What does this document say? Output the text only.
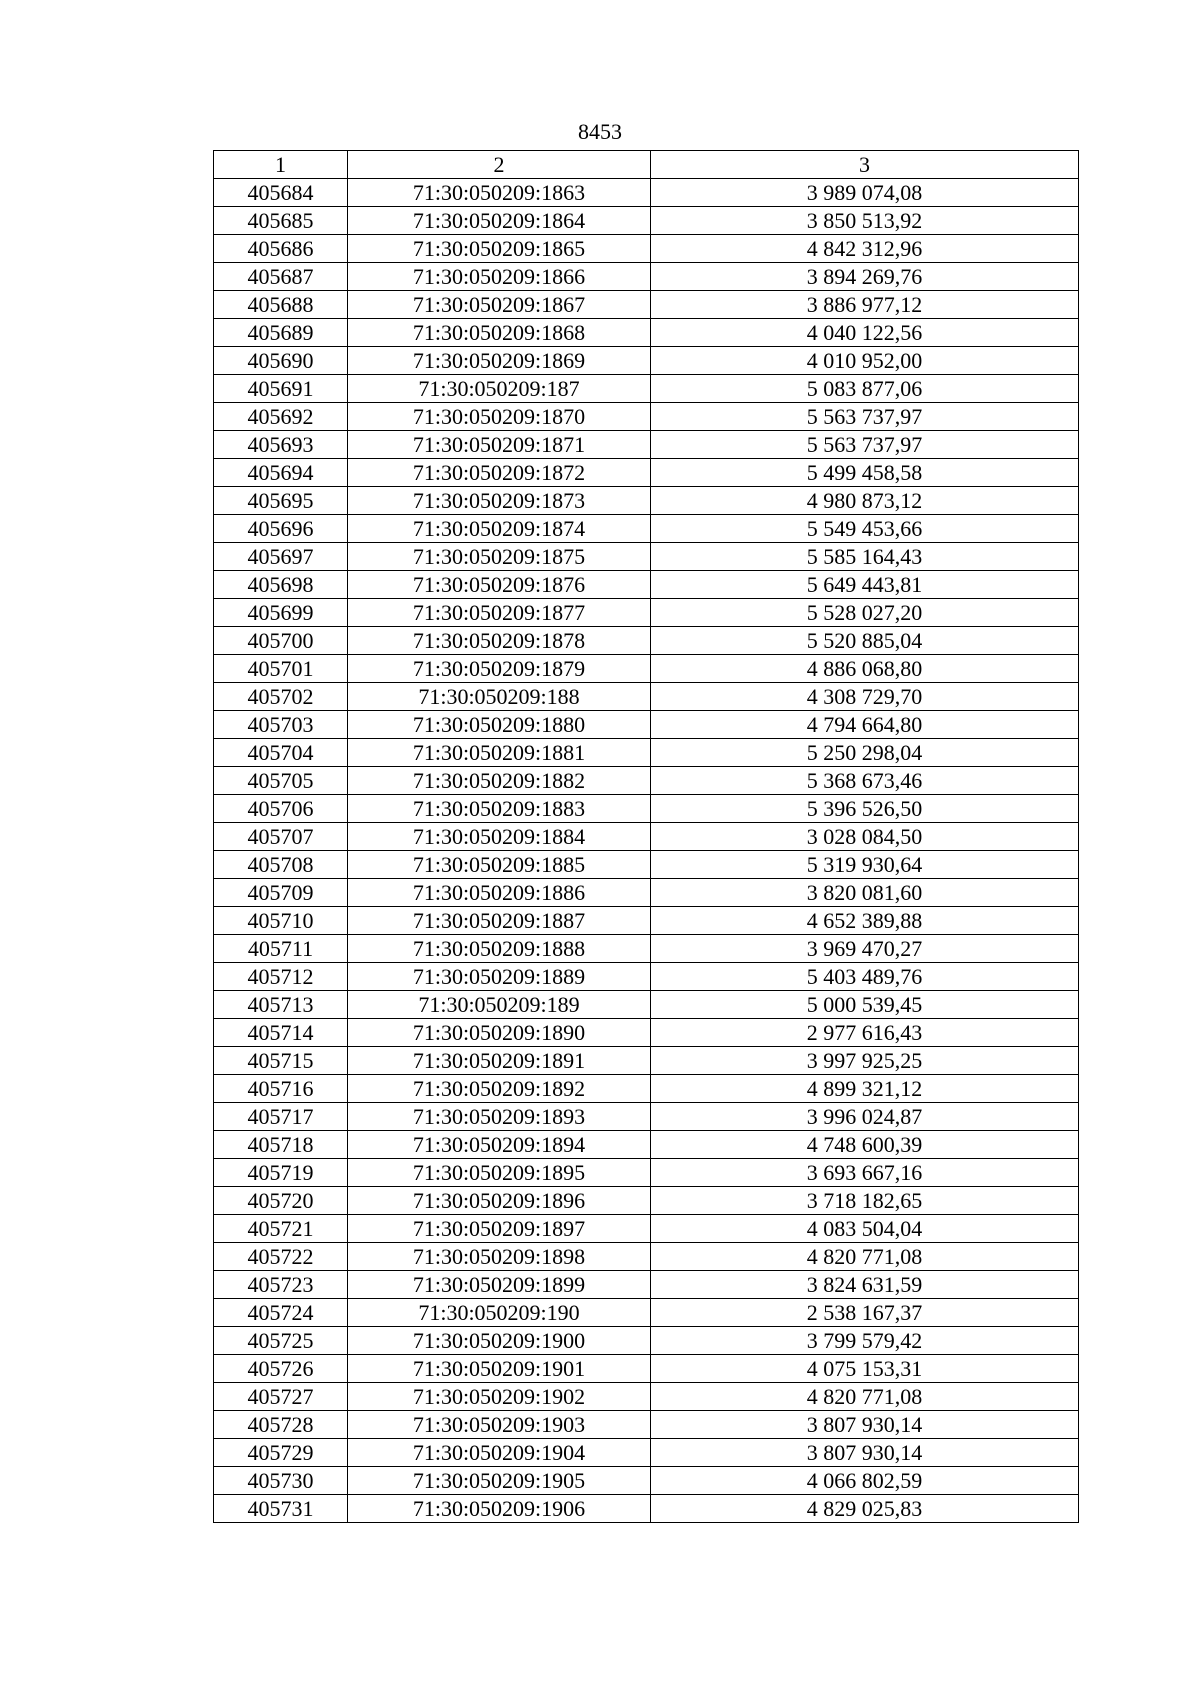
8453
1	2	3
405684	71:30:050209:1863	3 989 074,08
405685	71:30:050209:1864	3 850 513,92
405686	71:30:050209:1865	4 842 312,96
405687	71:30:050209:1866	3 894 269,76
405688	71:30:050209:1867	3 886 977,12
405689	71:30:050209:1868	4 040 122,56
405690	71:30:050209:1869	4 010 952,00
405691	71:30:050209:187	5 083 877,06
405692	71:30:050209:1870	5 563 737,97
405693	71:30:050209:1871	5 563 737,97
405694	71:30:050209:1872	5 499 458,58
405695	71:30:050209:1873	4 980 873,12
405696	71:30:050209:1874	5 549 453,66
405697	71:30:050209:1875	5 585 164,43
405698	71:30:050209:1876	5 649 443,81
405699	71:30:050209:1877	5 528 027,20
405700	71:30:050209:1878	5 520 885,04
405701	71:30:050209:1879	4 886 068,80
405702	71:30:050209:188	4 308 729,70
405703	71:30:050209:1880	4 794 664,80
405704	71:30:050209:1881	5 250 298,04
405705	71:30:050209:1882	5 368 673,46
405706	71:30:050209:1883	5 396 526,50
405707	71:30:050209:1884	3 028 084,50
405708	71:30:050209:1885	5 319 930,64
405709	71:30:050209:1886	3 820 081,60
405710	71:30:050209:1887	4 652 389,88
405711	71:30:050209:1888	3 969 470,27
405712	71:30:050209:1889	5 403 489,76
405713	71:30:050209:189	5 000 539,45
405714	71:30:050209:1890	2 977 616,43
405715	71:30:050209:1891	3 997 925,25
405716	71:30:050209:1892	4 899 321,12
405717	71:30:050209:1893	3 996 024,87
405718	71:30:050209:1894	4 748 600,39
405719	71:30:050209:1895	3 693 667,16
405720	71:30:050209:1896	3 718 182,65
405721	71:30:050209:1897	4 083 504,04
405722	71:30:050209:1898	4 820 771,08
405723	71:30:050209:1899	3 824 631,59
405724	71:30:050209:190	2 538 167,37
405725	71:30:050209:1900	3 799 579,42
405726	71:30:050209:1901	4 075 153,31
405727	71:30:050209:1902	4 820 771,08
405728	71:30:050209:1903	3 807 930,14
405729	71:30:050209:1904	3 807 930,14
405730	71:30:050209:1905	4 066 802,59
405731	71:30:050209:1906	4 829 025,83
